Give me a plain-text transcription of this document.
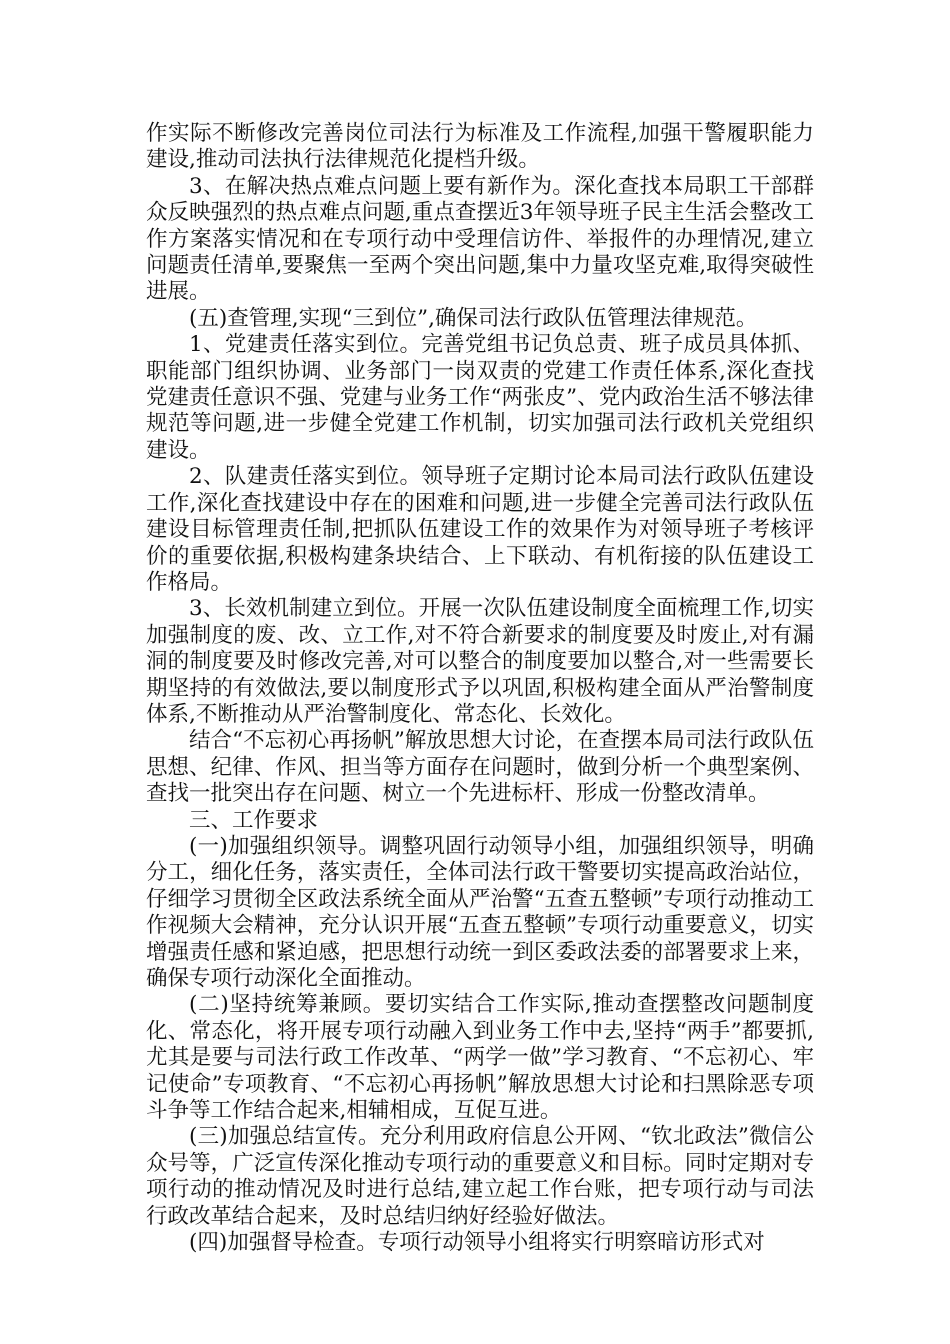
作实际不断修改完善岗位司法行为标准及工作流程,加强干警履职能力建设,推动司法执行法律规范化提档升级。

3、在解决热点难点问题上要有新作为。深化查找本局职工干部群众反映强烈的热点难点问题,重点查摆近3年领导班子民主生活会整改工作方案落实情况和在专项行动中受理信访件、举报件的办理情况,建立问题责任清单,要聚焦一至两个突出问题,集中力量攻坚克难,取得突破性进展。

(五)查管理,实现“三到位”,确保司法行政队伍管理法律规范。

1、党建责任落实到位。完善党组书记负总责、班子成员具体抓、职能部门组织协调、业务部门一岗双责的党建工作责任体系,深化查找党建责任意识不强、党建与业务工作“两张皮”、党内政治生活不够法律规范等问题,进一步健全党建工作机制，切实加强司法行政机关党组织建设。

2、队建责任落实到位。领导班子定期讨论本局司法行政队伍建设工作,深化查找建设中存在的困难和问题,进一步健全完善司法行政队伍建设目标管理责任制,把抓队伍建设工作的效果作为对领导班子考核评价的重要依据,积极构建条块结合、上下联动、有机衔接的队伍建设工作格局。

3、长效机制建立到位。开展一次队伍建设制度全面梳理工作,切实加强制度的废、改、立工作,对不符合新要求的制度要及时废止,对有漏洞的制度要及时修改完善,对可以整合的制度要加以整合,对一些需要长期坚持的有效做法,要以制度形式予以巩固,积极构建全面从严治警制度体系,不断推动从严治警制度化、常态化、长效化。

结合“不忘初心再扬帆”解放思想大讨论，在查摆本局司法行政队伍思想、纪律、作风、担当等方面存在问题时，做到分析一个典型案例、查找一批突出存在问题、树立一个先进标杆、形成一份整改清单。

三、工作要求

(一)加强组织领导。调整巩固行动领导小组，加强组织领导，明确分工，细化任务，落实责任，全体司法行政干警要切实提高政治站位，仔细学习贯彻全区政法系统全面从严治警“五查五整顿”专项行动推动工作视频大会精神，充分认识开展“五查五整顿”专项行动重要意义，切实增强责任感和紧迫感，把思想行动统一到区委政法委的部署要求上来，确保专项行动深化全面推动。

(二)坚持统筹兼顾。要切实结合工作实际,推动查摆整改问题制度化、常态化，将开展专项行动融入到业务工作中去,坚持“两手”都要抓,尤其是要与司法行政工作改革、“两学一做”学习教育、“不忘初心、牢记使命”专项教育、“不忘初心再扬帆”解放思想大讨论和扫黑除恶专项斗争等工作结合起来,相辅相成，互促互进。

(三)加强总结宣传。充分利用政府信息公开网、“钦北政法”微信公众号等，广泛宣传深化推动专项行动的重要意义和目标。同时定期对专项行动的推动情况及时进行总结,建立起工作台账，把专项行动与司法行政改革结合起来，及时总结归纳好经验好做法。

(四)加强督导检查。专项行动领导小组将实行明察暗访形式对
